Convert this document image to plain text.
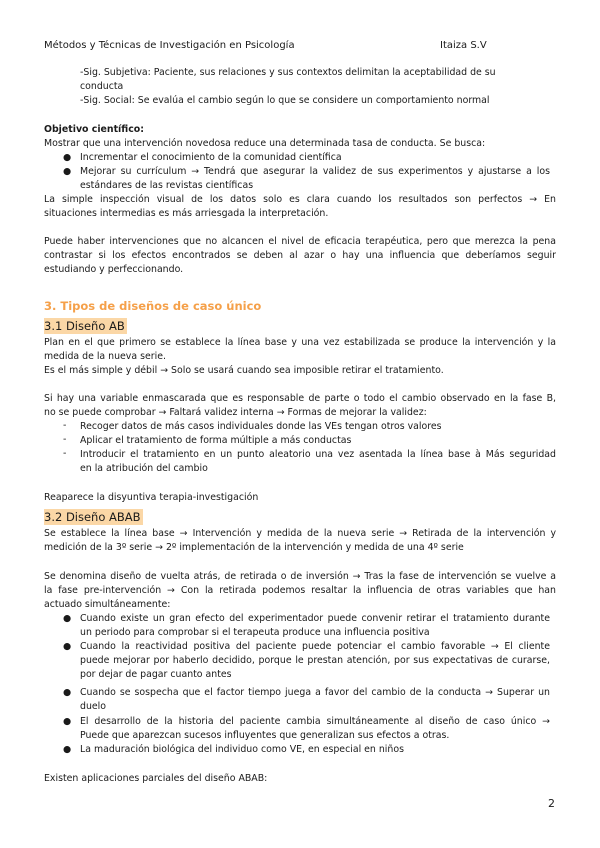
Métodos y Técnicas de Investigación en Psicología	Itaiza S.V
-Sig. Subjetiva: Paciente, sus relaciones y sus contextos delimitan la aceptabilidad de su
conducta
-Sig. Social: Se evalúa el cambio según lo que se considere un comportamiento normal
Objetivo científico:
Mostrar que una intervención novedosa reduce una determinada tasa de conducta. Se busca:
● Incrementar el conocimiento de la comunidad científica
● Mejorar su currículum → Tendrá que asegurar la validez de sus experimentos y ajustarse a los
estándares de las revistas científicas
La simple inspección visual de los datos solo es clara cuando los resultados son perfectos → En
situaciones intermedias es más arriesgada la interpretación.
Puede haber intervenciones que no alcancen el nivel de eficacia terapéutica, pero que merezca la pena
contrastar si los efectos encontrados se deben al azar o hay una influencia que deberíamos seguir
estudiando y perfeccionando.
3. Tipos de diseños de caso único
3.1 Diseño AB
Plan en el que primero se establece la línea base y una vez estabilizada se produce la intervención y la
medida de la nueva serie.
Es el más simple y débil → Solo se usará cuando sea imposible retirar el tratamiento.
Si hay una variable enmascarada que es responsable de parte o todo el cambio observado en la fase B,
no se puede comprobar → Faltará validez interna → Formas de mejorar la validez:
- Recoger datos de más casos individuales donde las VEs tengan otros valores
- Aplicar el tratamiento de forma múltiple a más conductas
- Introducir el tratamiento en un punto aleatorio una vez asentada la línea base à Más seguridad
en la atribución del cambio
Reaparece la disyuntiva terapia-investigación
3.2 Diseño ABAB
Se establece la línea base → Intervención y medida de la nueva serie → Retirada de la intervención y
medición de la 3º serie → 2º implementación de la intervención y medida de una 4º serie
Se denomina diseño de vuelta atrás, de retirada o de inversión → Tras la fase de intervención se vuelve a
la fase pre-intervención → Con la retirada podemos resaltar la influencia de otras variables que han
actuado simultáneamente:
● Cuando existe un gran efecto del experimentador puede convenir retirar el tratamiento durante
un periodo para comprobar si el terapeuta produce una influencia positiva
● Cuando la reactividad positiva del paciente puede potenciar el cambio favorable → El cliente
puede mejorar por haberlo decidido, porque le prestan atención, por sus expectativas de curarse,
por dejar de pagar cuanto antes
● Cuando se sospecha que el factor tiempo juega a favor del cambio de la conducta → Superar un
duelo
● El desarrollo de la historia del paciente cambia simultáneamente al diseño de caso único →
Puede que aparezcan sucesos influyentes que generalizan sus efectos a otras.
● La maduración biológica del individuo como VE, en especial en niños
Existen aplicaciones parciales del diseño ABAB:
2
